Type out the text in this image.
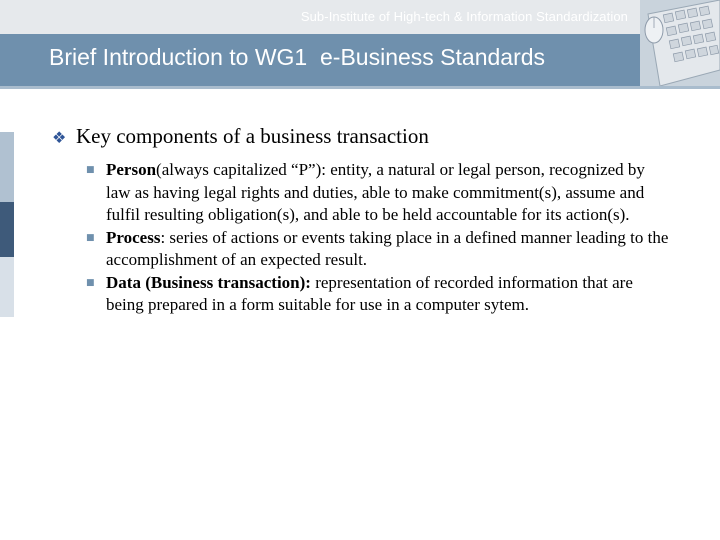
Sub-Institute of High-tech & Information Standardization
Brief Introduction to WG1  e-Business Standards
❖ Key components of a business transaction
■ Person(always capitalized “P”): entity, a natural or legal person, recognized by law as having legal rights and duties, able to make commitment(s), assume and fulfil resulting obligation(s), and able to be held accountable for its action(s).
■ Process: series of actions or events taking place in a defined manner leading to the accomplishment of an expected result.
■ Data (Business transaction): representation of recorded information that are being prepared in a form suitable for use in a computer sytem.
